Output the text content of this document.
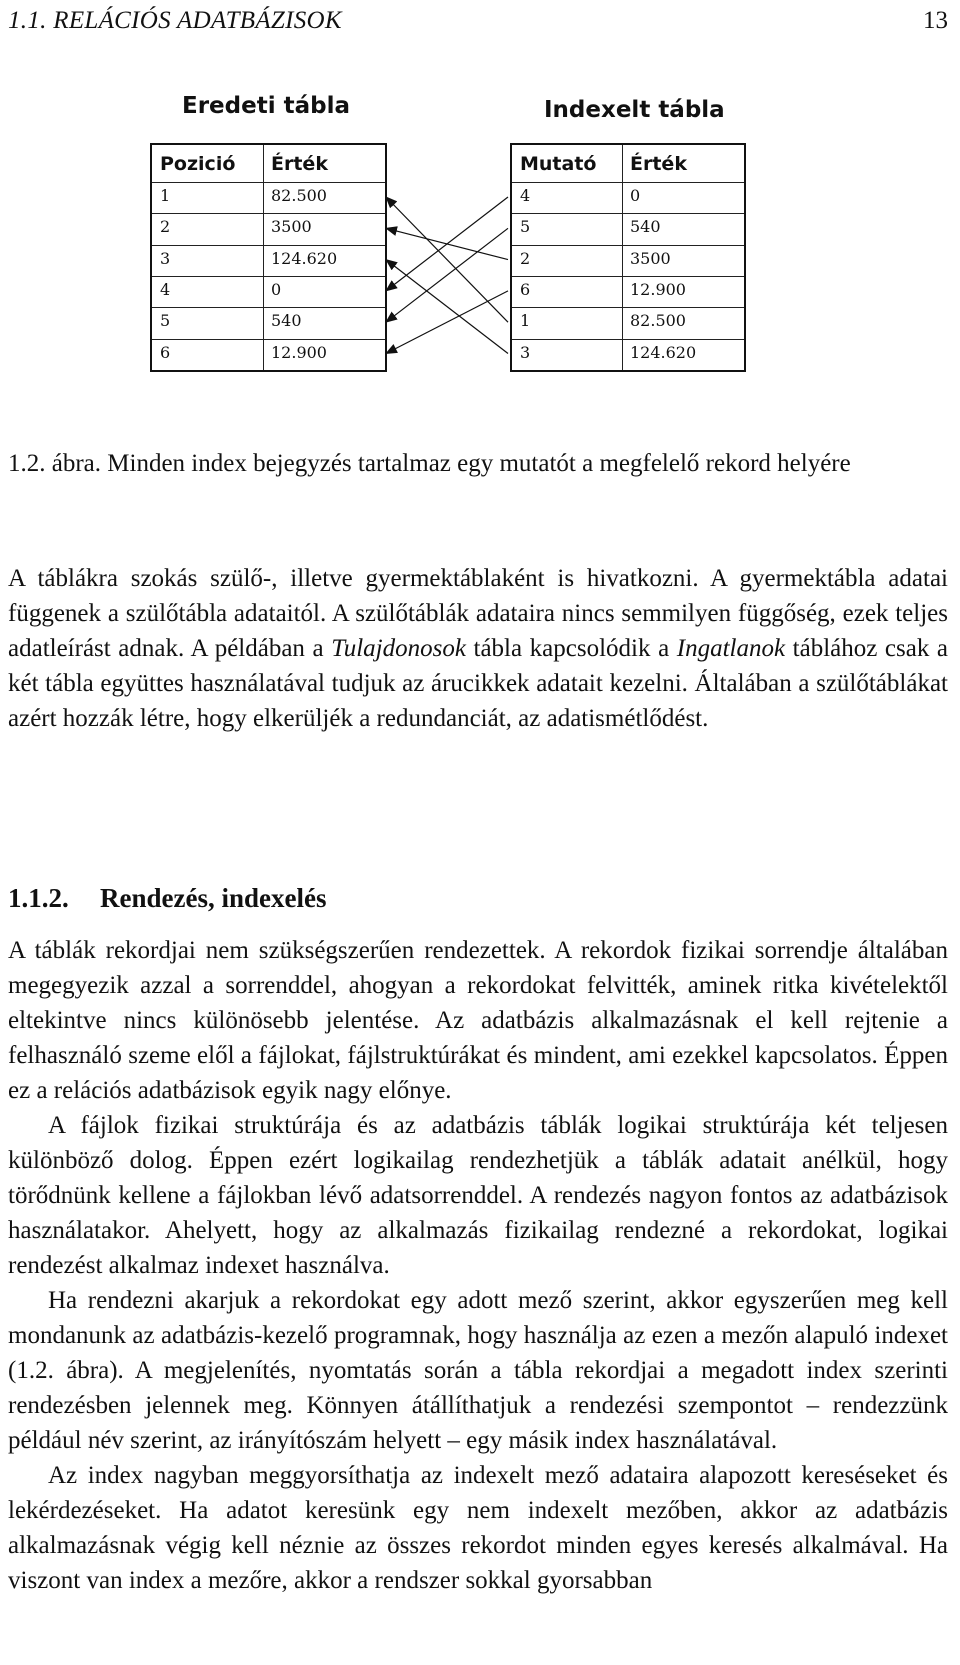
1.1. RELÁCIÓS ADATBÁZISOK	13
Eredeti tábla	Indexelt tábla
Pozició Érték
1	82.500
2	3500
3	124.620
4	0
5	540
6	12.900
Mutató Érték
4	0
5	540
2	3500
6	12.900
1	82.500
3	124.620
1.2. ábra. Minden index bejegyzés tartalmaz egy mutatót a megfelelő rekord helyére

A táblákra szokás szülő-, illetve gyermektáblaként is hivatkozni. A gyermektábla adatai függenek a szülőtábla adataitól. A szülőtáblák adataira nincs semmilyen függőség, ezek teljes adatleírást adnak. A példában a Tulajdonosok tábla kapcsolódik a Ingatlanok táblához csak a két tábla együttes használatával tudjuk az árucikkek adatait kezelni. Általában a szülőtáblákat azért hozzák létre, hogy elkerüljék a redundanciát, az adatismétlődést.

1.1.2. Rendezés, indexelés

A táblák rekordjai nem szükségszerűen rendezettek. A rekordok fizikai sorrendje általában megegyezik azzal a sorrenddel, ahogyan a rekordokat felvitték, aminek ritka kivételektől eltekintve nincs különösebb jelentése. Az adatbázis alkalmazásnak el kell rejtenie a felhasználó szeme elől a fájlokat, fájlstruktúrákat és mindent, ami ezekkel kapcsolatos. Éppen ez a relációs adatbázisok egyik nagy előnye.

A fájlok fizikai struktúrája és az adatbázis táblák logikai struktúrája két teljesen különböző dolog. Éppen ezért logikailag rendezhetjük a táblák adatait anélkül, hogy törődnünk kellene a fájlokban lévő adatsorrenddel. A rendezés nagyon fontos az adatbázisok használatakor. Ahelyett, hogy az alkalmazás fizikailag rendezné a rekordokat, logikai rendezést alkalmaz indexet használva.

Ha rendezni akarjuk a rekordokat egy adott mező szerint, akkor egyszerűen meg kell mondanunk az adatbázis-kezelő programnak, hogy használja az ezen a mezőn alapuló indexet (1.2. ábra). A megjelenítés, nyomtatás során a tábla rekordjai a megadott index szerinti rendezésben jelennek meg. Könnyen átállíthatjuk a rendezési szempontot – rendezzünk például név szerint, az irányítószám helyett – egy másik index használatával.

Az index nagyban meggyorsíthatja az indexelt mező adataira alapozott kereséseket és lekérdezéseket. Ha adatot keresünk egy nem indexelt mezőben, akkor az adatbázis alkalmazásnak végig kell néznie az összes rekordot minden egyes keresés alkalmával. Ha viszont van index a mezőre, akkor a rendszer sokkal gyorsabban
